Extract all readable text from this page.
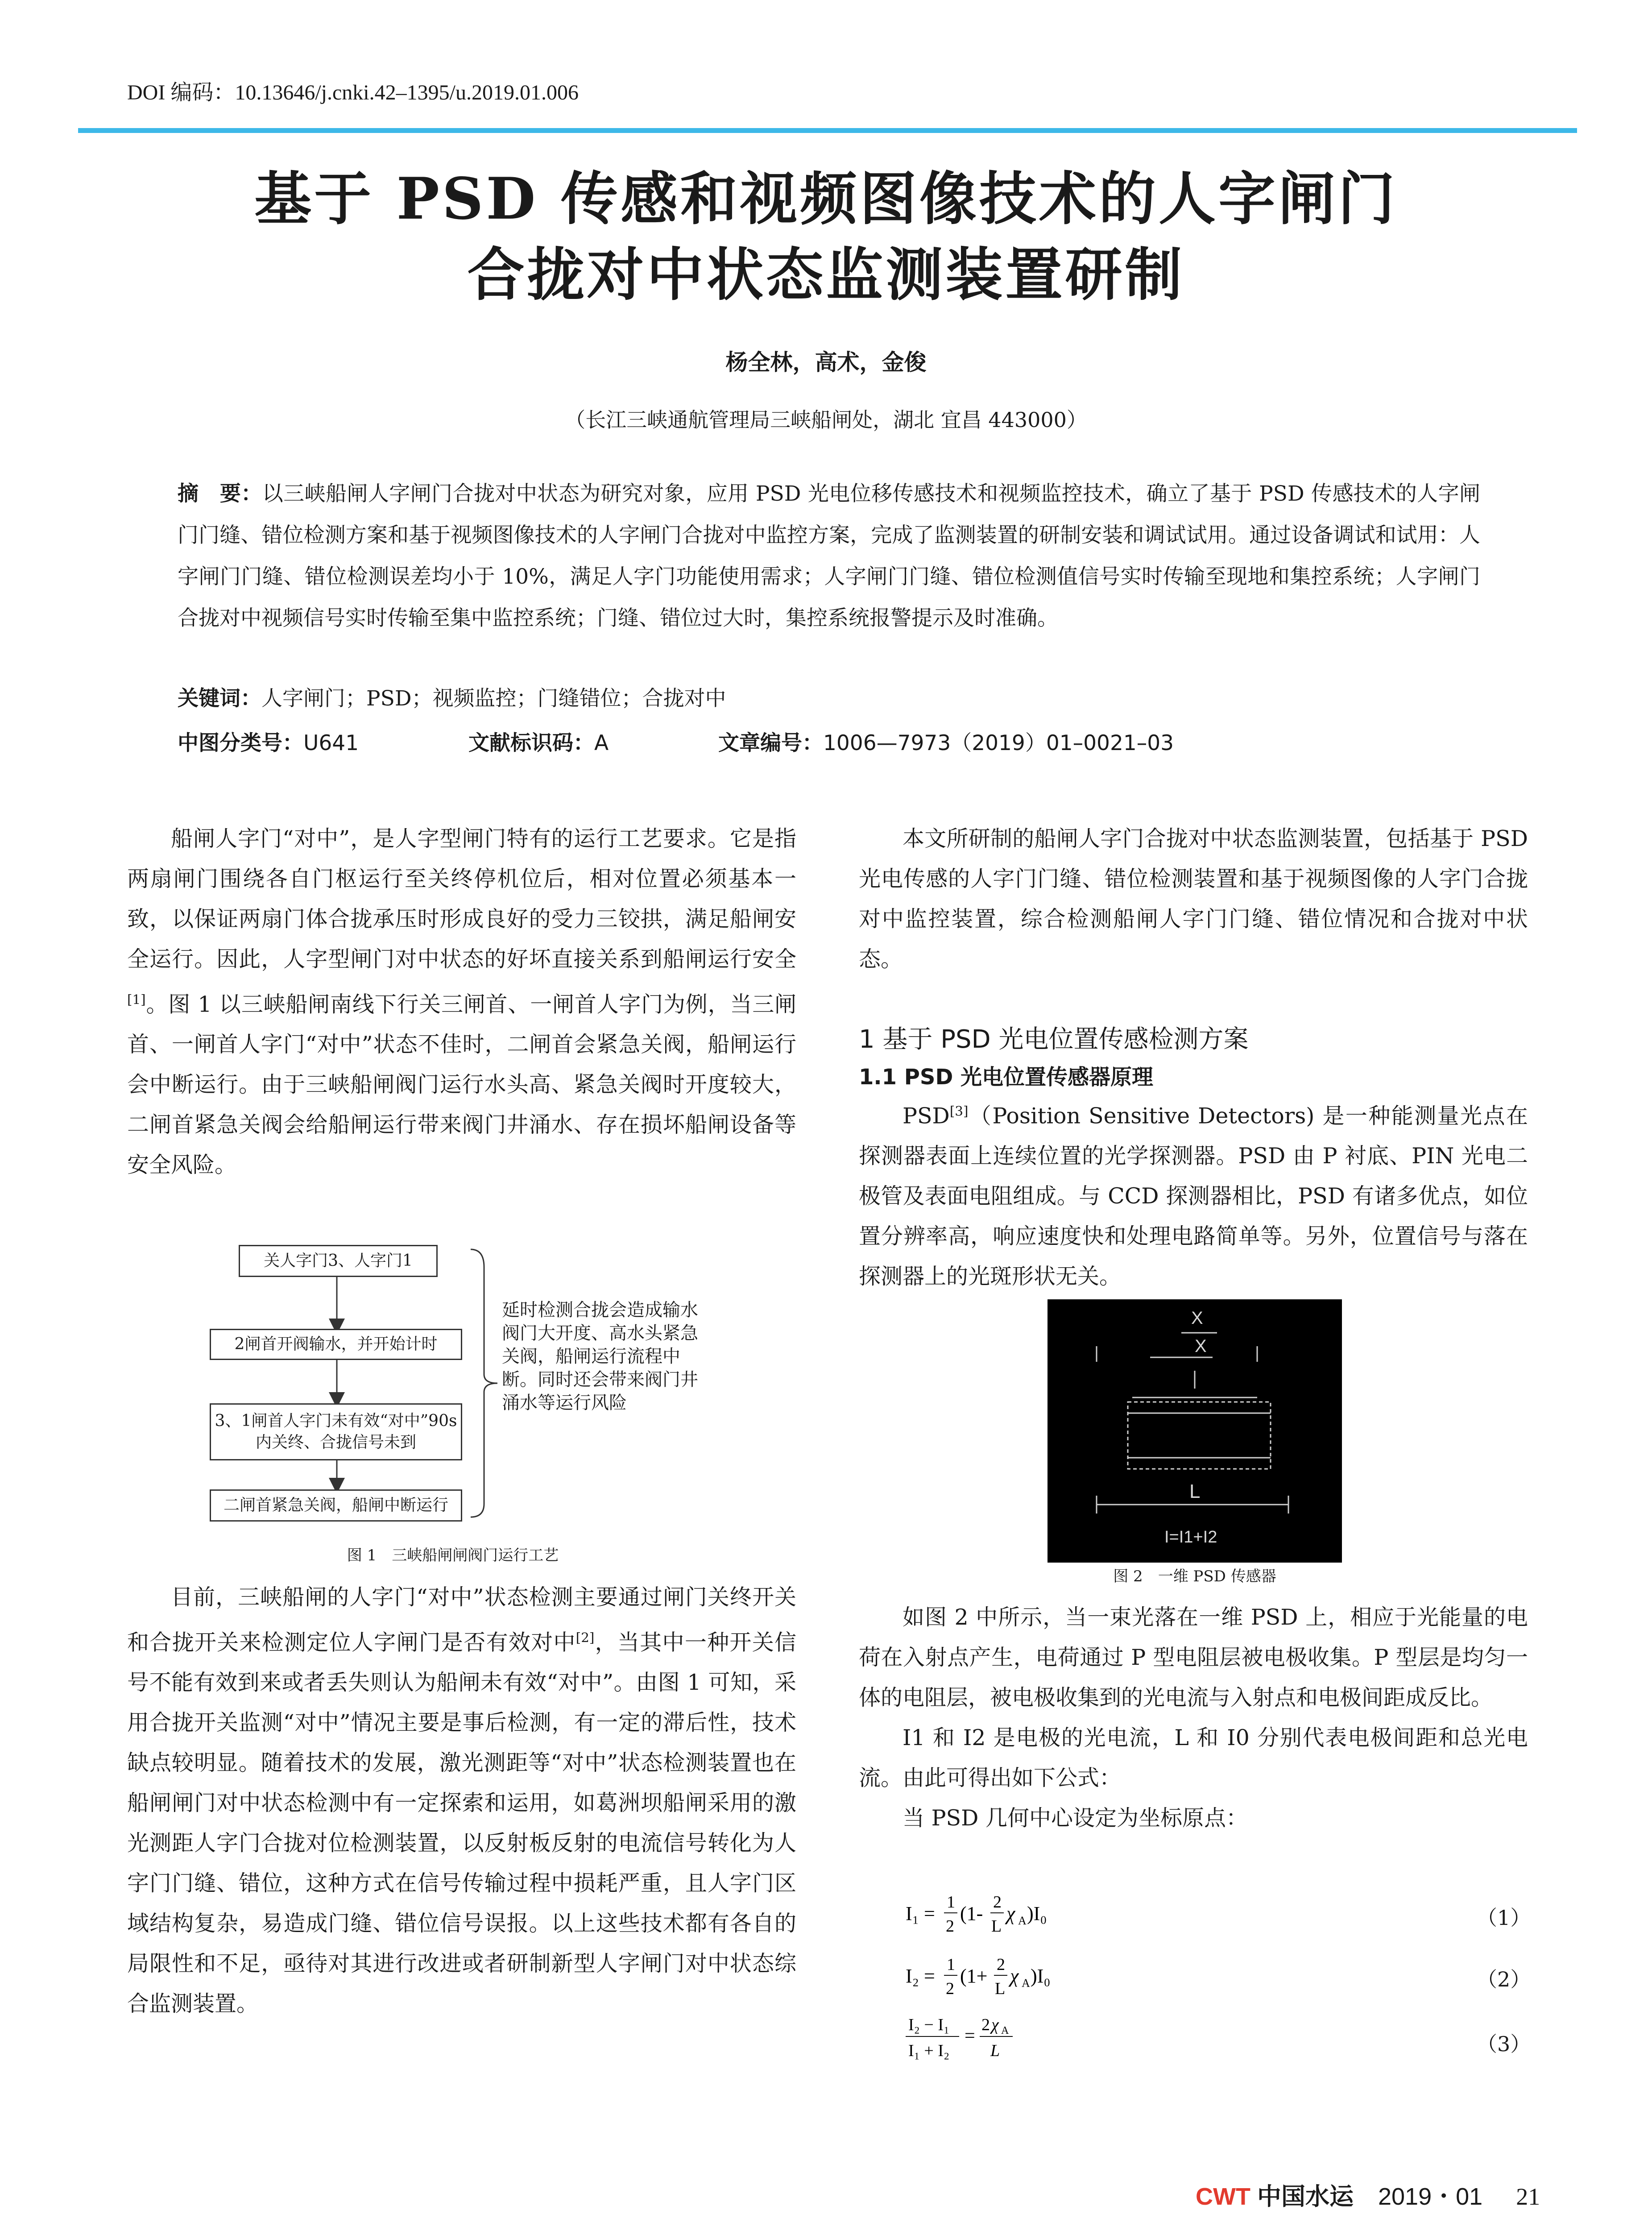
DOI 编码：10.13646/j.cnki.42–1395/u.2019.01.006
基于 PSD 传感和视频图像技术的人字闸门
合拢对中状态监测装置研制
杨全林，高术，金俊
（长江三峡通航管理局三峡船闸处，湖北 宜昌 443000）
摘　要：以三峡船闸人字闸门合拢对中状态为研究对象，应用 PSD 光电位移传感技术和视频监控技术，确立了基于 PSD 传感技术的人字闸门门缝、错位检测方案和基于视频图像技术的人字闸门合拢对中监控方案，完成了监测装置的研制安装和调试试用。通过设备调试和试用：人字闸门门缝、错位检测误差均小于 10%，满足人字门功能使用需求；人字闸门门缝、错位检测值信号实时传输至现地和集控系统；人字闸门合拢对中视频信号实时传输至集中监控系统；门缝、错位过大时，集控系统报警提示及时准确。
关键词：人字闸门；PSD；视频监控；门缝错位；合拢对中
中图分类号：U641	文献标识码：A	文章编号：1006—7973（2019）01–0021–03

船闸人字门“对中”，是人字型闸门特有的运行工艺要求。它是指两扇闸门围绕各自门枢运行至关终停机位后，相对位置必须基本一致，以保证两扇门体合拢承压时形成良好的受力三铰拱，满足船闸安全运行。因此，人字型闸门对中状态的好坏直接关系到船闸运行安全[1]。图 1 以三峡船闸南线下行关三闸首、一闸首人字门为例，当三闸首、一闸首人字门“对中”状态不佳时，二闸首会紧急关阀，船闸运行会中断运行。由于三峡船闸阀门运行水头高、紧急关阀时开度较大，二闸首紧急关阀会给船闸运行带来阀门井涌水、存在损坏船闸设备等安全风险。

关人字门3、人字门1
2闸首开阀输水，并开始计时
3、1闸首人字门未有效“对中”90s内关终、合拢信号未到
二闸首紧急关阀，船闸中断运行
延时检测合拢会造成输水阀门大开度、高水头紧急关阀，船闸运行流程中断。同时还会带来阀门井涌水等运行风险
图 1　三峡船闸闸阀门运行工艺

目前，三峡船闸的人字门“对中”状态检测主要通过闸门关终开关和合拢开关来检测定位人字闸门是否有效对中[2]，当其中一种开关信号不能有效到来或者丢失则认为船闸未有效“对中”。由图 1 可知，采用合拢开关监测“对中”情况主要是事后检测，有一定的滞后性，技术缺点较明显。随着技术的发展，激光测距等“对中”状态检测装置也在船闸闸门对中状态检测中有一定探索和运用，如葛洲坝船闸采用的激光测距人字门合拢对位检测装置，以反射板反射的电流信号转化为人字门门缝、错位，这种方式在信号传输过程中损耗严重，且人字门区域结构复杂，易造成门缝、错位信号误报。以上这些技术都有各自的局限性和不足，亟待对其进行改进或者研制新型人字闸门对中状态综合监测装置。

本文所研制的船闸人字门合拢对中状态监测装置，包括基于 PSD 光电传感的人字门门缝、错位检测装置和基于视频图像的人字门合拢对中监控装置，综合检测船闸人字门门缝、错位情况和合拢对中状态。

1 基于 PSD 光电位置传感检测方案
1.1 PSD 光电位置传感器原理

PSD[3]（Position Sensitive Detectors) 是一种能测量光点在探测器表面上连续位置的光学探测器。PSD 由 P 衬底、PIN 光电二极管及表面电阻组成。与 CCD 探测器相比，PSD 有诸多优点，如位置分辨率高，响应速度快和处理电路简单等。另外，位置信号与落在探测器上的光斑形状无关。

X
X
L
I=I1+I2
图 2　一维 PSD 传感器

如图 2 中所示，当一束光落在一维 PSD 上，相应于光能量的电荷在入射点产生，电荷通过 P 型电阻层被电极收集。P 型层是均匀一体的电阻层，被电极收集到的光电流与入射点和电极间距成反比。

I1 和 I2 是电极的光电流，L 和 I0 分别代表电极间距和总光电流。由此可得出如下公式：

当 PSD 几何中心设定为坐标原点：

I₁ =
1
2
(1-
2
L
χ A )I₀	（1）
I₂ =
1
2
(1+
2
L
χ A )I₀	（2）
I₂ − I₁
I₁ + I₂
=
2 χ A
L	（3）
CWT 中国水运 2019・01 21
